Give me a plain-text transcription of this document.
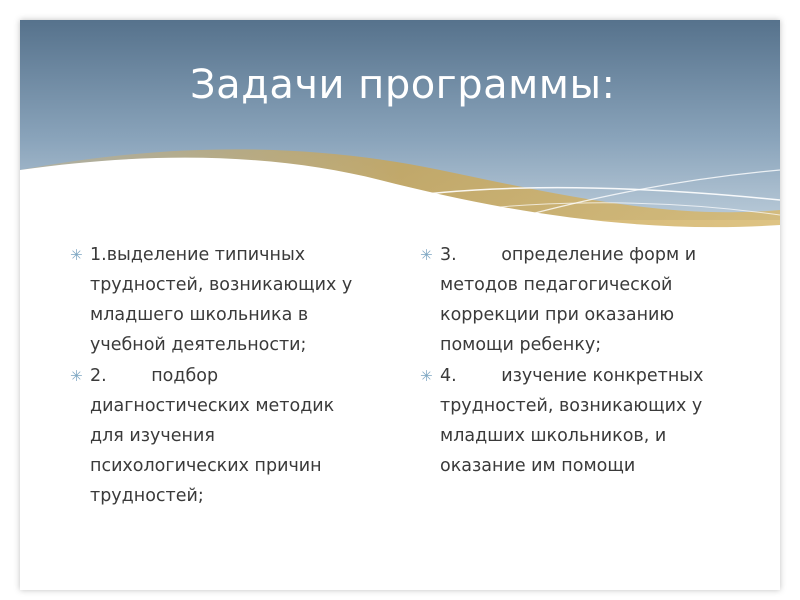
Задачи программы:
✳ 1.выделение типичных трудностей, возникающих у младшего школьника в учебной деятельности;
✳ 2.        подбор диагностических методик для изучения психологических причин трудностей;
✳ 3.        определение форм и методов педагогической коррекции при оказанию помощи ребенку;
✳ 4.        изучение конкретных трудностей, возникающих у младших школьников, и оказание им помощи
